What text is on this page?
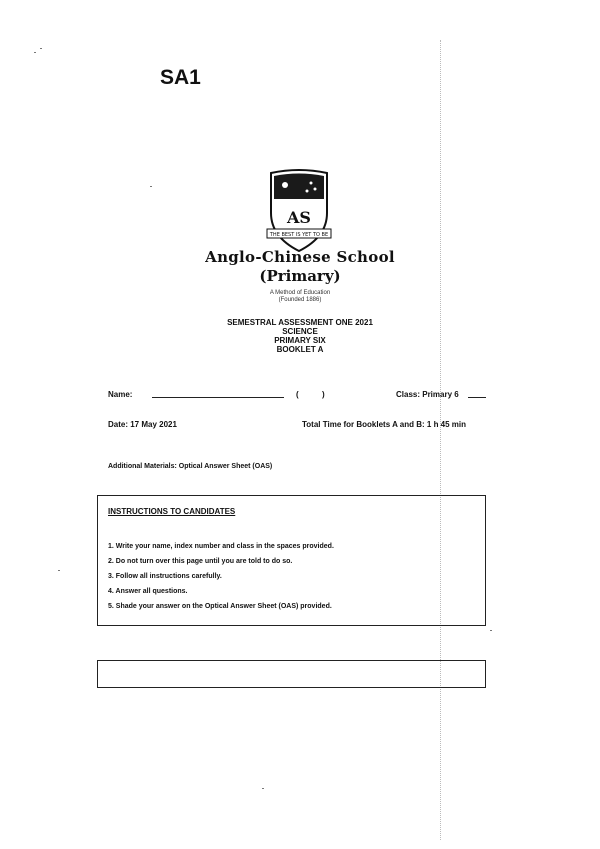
SA1
AS
THE BEST IS YET TO BE
Anglo-Chinese School
(Primary)
A Method of Education
(Founded 1886)
SEMESTRAL ASSESSMENT ONE 2021
SCIENCE
PRIMARY SIX
BOOKLET A
Name:	(	)	Class: Primary 6
Date: 17 May 2021	Total Time for Booklets A and B: 1 h 45 min
Additional Materials: Optical Answer Sheet (OAS)
INSTRUCTIONS TO CANDIDATES
1. Write your name, index number and class in the spaces provided.
2. Do not turn over this page until you are told to do so.
3. Follow all instructions carefully.
4. Answer all questions.
5. Shade your answer on the Optical Answer Sheet (OAS) provided.
